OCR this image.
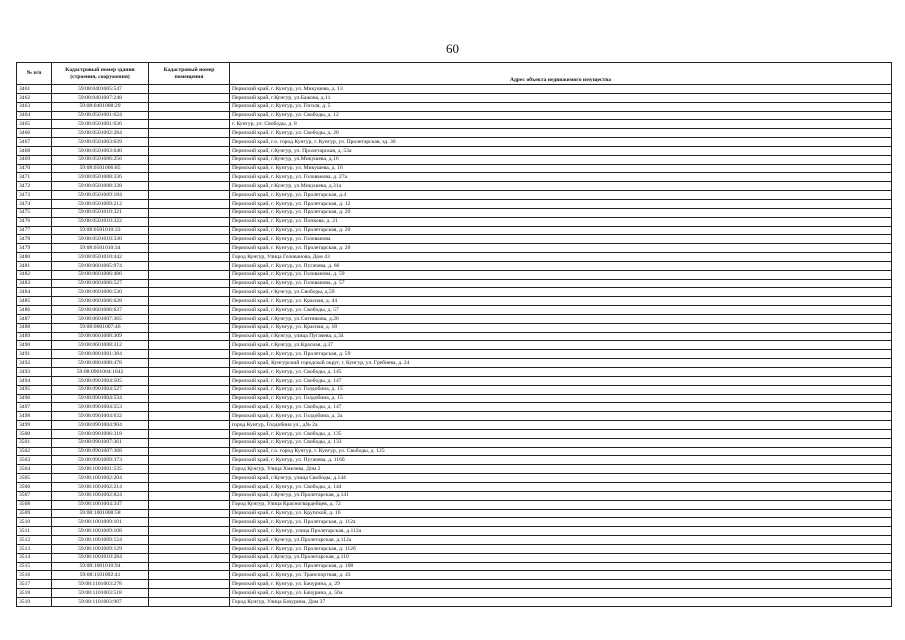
60
№ п/п	Кадастровый номер здания (строения, сооружения)	Кадастровый номер помещения	Адрес объекта недвижимого имущества
3461	59:08:0401005:547		Пермский край, г. Кунгур, ул. Микушева, д. 13
3462	59:08:0401007:248		Пермский край, г.Кунгур, ул.Бажова, д.11
3463	59:08:0401008:20		Пермский край, г. Кунгур, ул. Гоголя, д. 5
3464	59:08:0501001:624		Пермский край, г. Кунгур, ул. Свободы, д. 12
3465	59:08:0501001:636		г. Кунгур, ул. Свободы, д. 8
3466	59:08:0501002:284		Пермский край, г. Кунгур, ул. Свободы, д. 28
3467	59:08:0501003:639		Пермский край, г.о. город Кунгур, г. Кунгур, ул. Пролетарская, зд. 30
3468	59:08:0501003:640		Пермский край, г.Кунгур, ул. Пролетарская, д. 53а
3469	59:08:0501006:256		Пермский край, г.Кунгур, ул.Микушева, д.16
3470	59:08:0501006:85		Пермский край, г. Кунгур, ул. Микушева, д. 16
3471	59:08:0501008:336		Пермский край, г. Кунгур, ул. Голованова, д. 27а
3472	59:08:0501008:338		Пермский край, г.Кунгур, ул.Микушева, д.31а
3473	59:08:0501009:184		Пермский край, г. Кунгур, ул. Пролетарская, д.4
3474	59:08:0501009:212		Пермский край, г. Кунгур, ул. Пролетарская, д. 12
3475	59:08:0501010:321		Пермский край, г. Кунгур, ул. Пролетарская, д. 20
3476	59:08:0501010:322		Пермский край, г. Кунгур, ул. Попкова, д. 21
3477	59:08:0501010:33		Пермский край, г. Кунгур, ул. Пролетарская, д. 20
3478	59:08:0501010:330		Пермский край, г. Кунгур, ул. Голованова
3479	59:08:0501010:34		Пермский край, г. Кунгур, ул. Пролетарская, д. 20
3480	59:08:0501010:442		Город Кунгур, Улица Голованова, Дом 43
3481	59:08:0601005:974		Пермский край, г. Кунгур, ул. Пугачева, д. 66
3482	59:08:0601006:486		Пермский край, г. Кунгур, ул. Голованова, д. 59
3483	59:08:0601006:527		Пермский край, г. Кунгур, ул. Голованова, д. 57
3484	59:08:0601006:530		Пермский край, г.Кунгур, ул.Свободы, д.59
3485	59:08:0601006:628		Пермский край, г. Кунгур, ул. Красная, д. 44
3486	59:08:0601006:637		Пермский край, г. Кунгур, ул. Свободы, д. 57
3487	59:08:0601007:365		Пермский край, г.Кунгур, ул.Ситникова, д.26
3488	59:08:0601007:46		Пермский край, г. Кунгур, ул. Красная, д. 18
3489	59:08:0601008:309		Пермский край, г.Кунгур, улица Пугачева, д.34
3490	59:08:0601008:312		Пермский край, г.Кунгур, ул.Красная, д.37
3491	59:08:0801001:384		Пермский край, г. Кунгур, ул. Пролетарская, д. 59
3492	59:08:0801008:478		Пермский край, Кунгурский городской округ, г. Кунгур, ул. Гребнева, д. 24
3493	59:08:0901004:1042		Пермский край, г. Кунгур, ул. Свободы, д. 145
3494	59:08:0901004:505		Пермский край, г. Кунгур, ул. Свободы, д. 147
3495	59:08:0901004:527		Пермский край, г. Кунгур, ул. Голдобина, д. 15
3496	59:08:0901004:534		Пермский край, г. Кунгур, ул. Голдобина, д. 15
3497	59:08:0901004:553		Пермский край, г. Кунгур, ул. Свободы, д. 147
3498	59:08:0901004:632		Пермский край, г. Кунгур, ул. Голдобина, д. 2а
3499	59:08:0901004:904		город Кунгур, Голдобина ул., д№ 2а
3500	59:08:0901006:318		Пермский край, г. Кунгур, ул. Свободы, д. 135
3501	59:08:0901007:361		Пермский край, г. Кунгур, ул. Свободы, д. 133
3502	59:08:0901007:368		Пермский край, г.о. город Кунгур, г. Кунгур, ул. Свободы, д. 125
3503	59:08:0901009:373		Пермский край, г. Кунгур, ул. Пугачева, д. 116б
3504	59:08:1001001:535		Город Кунгур, Улица Хмелева, Дом 2
3505	59:08:1001002:204		Пермский край, г.Кунгур, улица Свободы, д.144
3506	59:08:1001002:214		Пермский край, г. Кунгур, ул. Свободы, д. 144
3507	59:08:1001002:824		Пермский край, г.Кунгур, ул.Пролетарская, д.141
3508	59:08:1001004:347		Город Кунгур, Улица Красногвардейцев, д. 72
3509	59:08:1001008:58		Пермский край, г. Кунгур, ул. Крупской, д. 16
3510	59:08:1001009:101		Пермский край, г. Кунгур, ул. Пролетарская, д. 112а
3511	59:08:1001009:108		Пермский край, г. Кунгур, улица Пролетарская, д.112а
3512	59:08:1001009:124		Пермский край, г.Кунгур, ул.Пролетарская, д.112а
3513	59:08:1001009:129		Пермский край, г. Кунгур, ул. Пролетарская, д. 112б
3514	59:08:1001010:284		Пермский край, г.Кунгур, ул.Пролетарская, д.110
3515	59:08:1001010:94		Пермский край, г. Кунгур, ул. Пролетарская, д. 108
3516	59:08:1101002:41		Пермский край, г. Кунгур, ул. Транспортная, д. 43
3517	59:08:1101003:278		Пермский край, г. Кунгур, ул. Бачурина, д. 29
3518	59:08:1101003:518		Пермский край, г. Кунгур, ул. Бачурина, д. 56а
3519	59:08:1101003:907		Город Кунгур, Улица Бачурина, Дом 37
